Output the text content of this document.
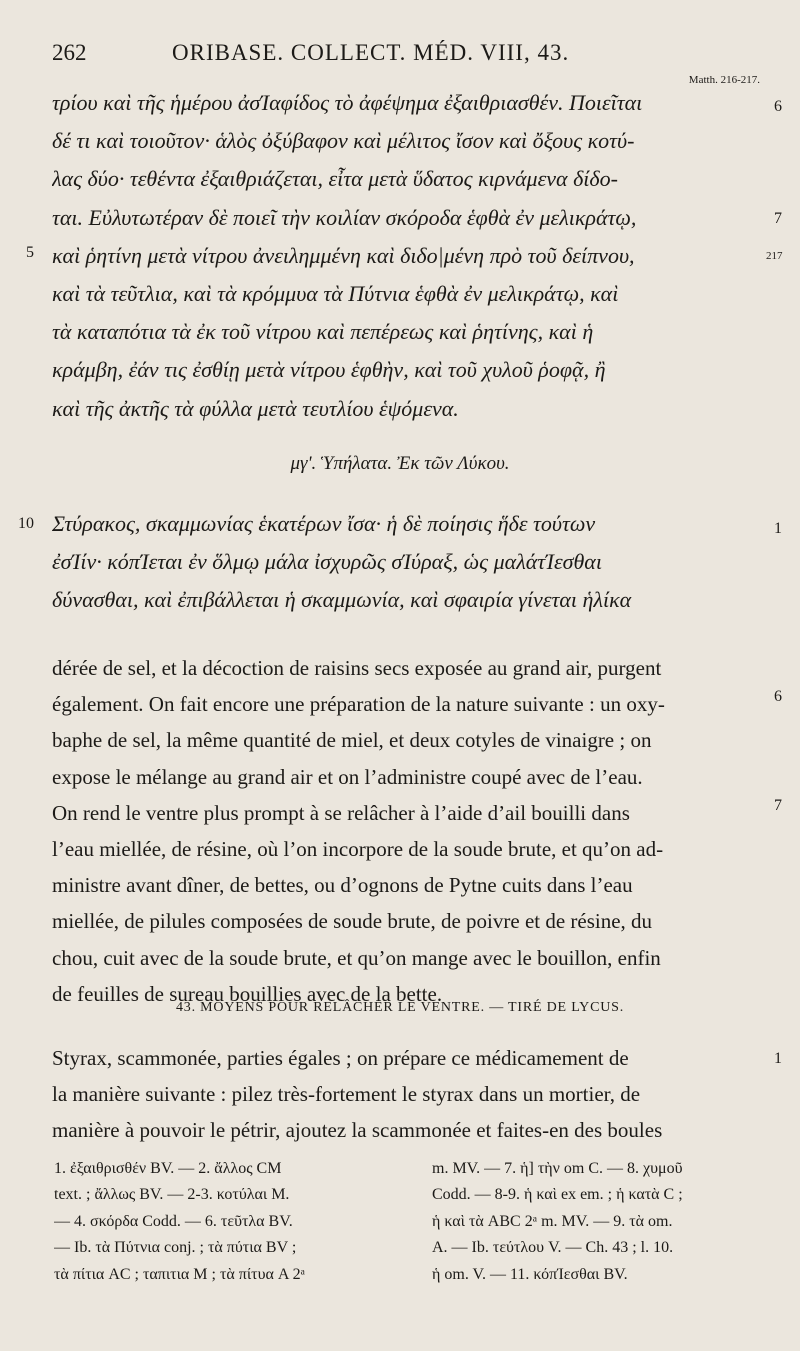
262	ORIBASE. COLLECT. MÉD. VIII, 43.
Matth. 216-217.
τρίου καὶ τῆς ἡμέρου ἀσΊαφίδος τὸ ἀφέψημα ἐξαιθριασθέν. Ποιεῖται
δέ τι καὶ τοιοῦτον· ἁλὸς ὀξύβαφον καὶ μέλιτος ἴσον καὶ ὄξους κοτύ-
λας δύο· τεθέντα ἐξαιθριάζεται, εἶτα μετὰ ὕδατος κιρνάμενα δίδο-
ται. Εὐλυτωτέραν δὲ ποιεῖ τὴν κοιλίαν σκόροδα ἑφθὰ ἐν μελικράτῳ,
καὶ ῥητίνη μετὰ νίτρου ἀνειλημμένη καὶ διδο|μένη πρὸ τοῦ δείπνου,
καὶ τὰ τεῦτλια, καὶ τὰ κρόμμυα τὰ Πύτνια ἑφθὰ ἐν μελικράτῳ, καὶ
τὰ καταπότια τὰ ἐκ τοῦ νίτρου καὶ πεπέρεως καὶ ῥητίνης, καὶ ἡ
κράμβη, ἐάν τις ἐσθίῃ μετὰ νίτρου ἑφθὴν, καὶ τοῦ χυλοῦ ῥοφᾷ, ἢ
καὶ τῆς ἀκτῆς τὰ φύλλα μετὰ τευτλίου ἑψόμενα.
5
6
7
217
μγʹ. Ὑπήλατα. Ἐκ τῶν Λύκου.
Στύρακος, σκαμμωνίας ἑκατέρων ἴσα· ἡ δὲ ποίησις ἥδε τούτων
ἐσΊίν· κόπΊεται ἐν ὅλμῳ μάλα ἰσχυρῶς σΊύραξ, ὡς μαλάτΊεσθαι
δύνασθαι, καὶ ἐπιβάλλεται ἡ σκαμμωνία, καὶ σφαιρία γίνεται ἡλίκα
10	1
dérée de sel, et la décoction de raisins secs exposée au grand air, purgent
également. On fait encore une préparation de la nature suivante : un oxy-
baphe de sel, la même quantité de miel, et deux cotyles de vinaigre ; on
expose le mélange au grand air et on l’administre coupé avec de l’eau.
On rend le ventre plus prompt à se relâcher à l’aide d’ail bouilli dans
l’eau miellée, de résine, où l’on incorpore de la soude brute, et qu’on ad-
ministre avant dîner, de bettes, ou d’ognons de Pytne cuits dans l’eau
miellée, de pilules composées de soude brute, de poivre et de résine, du
chou, cuit avec de la soude brute, et qu’on mange avec le bouillon, enfin
de feuilles de sureau bouillies avec de la bette.
6
7
43. MOYENS POUR RELÂCHER LE VENTRE. — TIRÉ DE LYCUS.
Styrax, scammonée, parties égales ; on prépare ce médicamement de
la manière suivante : pilez très-fortement le styrax dans un mortier, de
manière à pouvoir le pétrir, ajoutez la scammonée et faites-en des boules
1
1. ἐξαιθρισθέν BV. — 2. ἄλλος CM
text. ; ἄλλως BV. — 2-3. κοτύλαι M.
— 4. σκόρδα Codd. — 6. τεῦτλα BV.
— Ib. τὰ Πύτνια conj. ; τὰ πύτια BV ;
τὰ πίτια AC ; ταπιτια M ; τὰ πίτυα A 2ᵃ
m. MV. — 7. ἡ] τὴν om C. — 8. χυμοῦ
Codd. — 8-9. ἡ καὶ ex em. ; ἡ κατὰ C ;
ἡ καὶ τὰ ABC 2ᵃ m. MV. — 9. τὰ om.
A. — Ib. τεύτλου V. — Ch. 43 ; l. 10.
ἡ om. V. — 11. κόπΊεσθαι BV.
